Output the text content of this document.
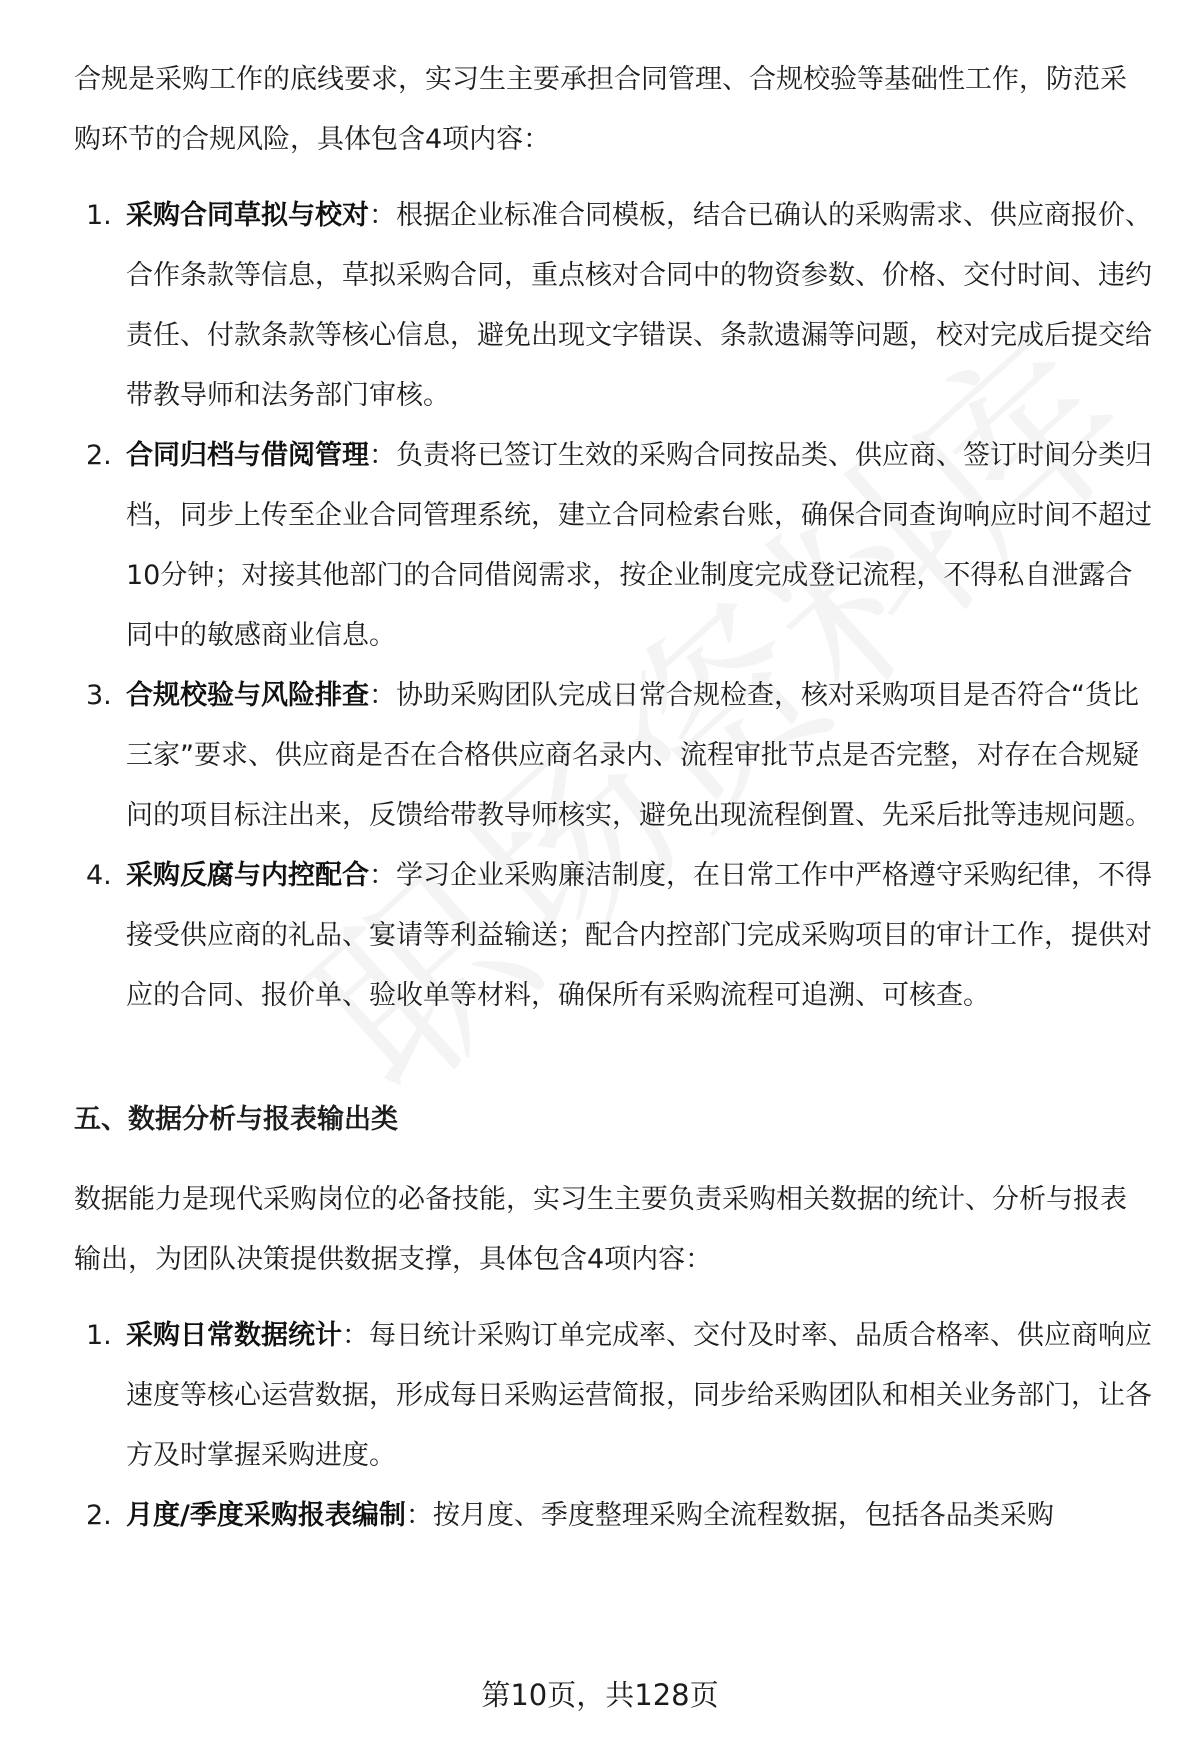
合规是采购工作的底线要求，实习生主要承担合同管理、合规校验等基础性工作，防范采购环节的合规风险，具体包含4项内容：

1. 采购合同草拟与校对：根据企业标准合同模板，结合已确认的采购需求、供应商报价、合作条款等信息，草拟采购合同，重点核对合同中的物资参数、价格、交付时间、违约责任、付款条款等核心信息，避免出现文字错误、条款遗漏等问题，校对完成后提交给带教导师和法务部门审核。
2. 合同归档与借阅管理：负责将已签订生效的采购合同按品类、供应商、签订时间分类归档，同步上传至企业合同管理系统，建立合同检索台账，确保合同查询响应时间不超过10分钟；对接其他部门的合同借阅需求，按企业制度完成登记流程，不得私自泄露合同中的敏感商业信息。
3. 合规校验与风险排查：协助采购团队完成日常合规检查，核对采购项目是否符合“货比三家”要求、供应商是否在合格供应商名录内、流程审批节点是否完整，对存在合规疑问的项目标注出来，反馈给带教导师核实，避免出现流程倒置、先采后批等违规问题。
4. 采购反腐与内控配合：学习企业采购廉洁制度，在日常工作中严格遵守采购纪律，不得接受供应商的礼品、宴请等利益输送；配合内控部门完成采购项目的审计工作，提供对应的合同、报价单、验收单等材料，确保所有采购流程可追溯、可核查。
五、数据分析与报表输出类

数据能力是现代采购岗位的必备技能，实习生主要负责采购相关数据的统计、分析与报表输出，为团队决策提供数据支撑，具体包含4项内容：

1. 采购日常数据统计：每日统计采购订单完成率、交付及时率、品质合格率、供应商响应速度等核心运营数据，形成每日采购运营简报，同步给采购团队和相关业务部门，让各方及时掌握采购进度。
2. 月度/季度采购报表编制：按月度、季度整理采购全流程数据，包括各品类采购
第10页，共128页
